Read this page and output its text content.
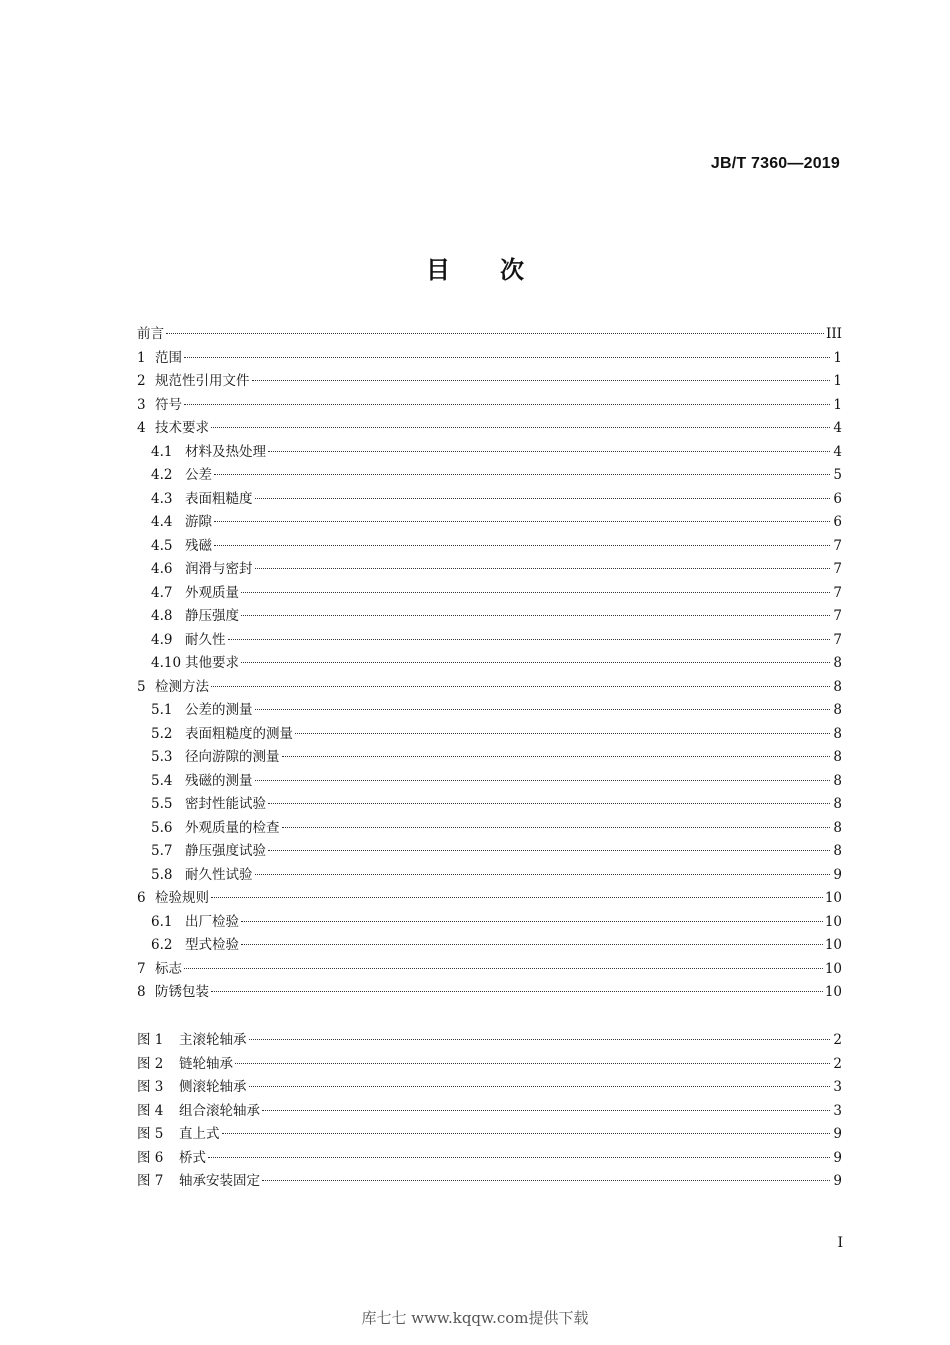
JB/T 7360—2019
目 次
前言	III
1 范围	1
2 规范性引用文件	1
3 符号	1
4 技术要求	4
4.1 材料及热处理	4
4.2 公差	5
4.3 表面粗糙度	6
4.4 游隙	6
4.5 残磁	7
4.6 润滑与密封	7
4.7 外观质量	7
4.8 静压强度	7
4.9 耐久性	7
4.10 其他要求	8
5 检测方法	8
5.1 公差的测量	8
5.2 表面粗糙度的测量	8
5.3 径向游隙的测量	8
5.4 残磁的测量	8
5.5 密封性能试验	8
5.6 外观质量的检查	8
5.7 静压强度试验	8
5.8 耐久性试验	9
6 检验规则	10
6.1 出厂检验	10
6.2 型式检验	10
7 标志	10
8 防锈包装	10
图 1	主滚轮轴承	2
图 2	链轮轴承	2
图 3	侧滚轮轴承	3
图 4	组合滚轮轴承	3
图 5	直上式	9
图 6	桥式	9
图 7	轴承安装固定	9
I
库七七 www.kqqw.com提供下载
